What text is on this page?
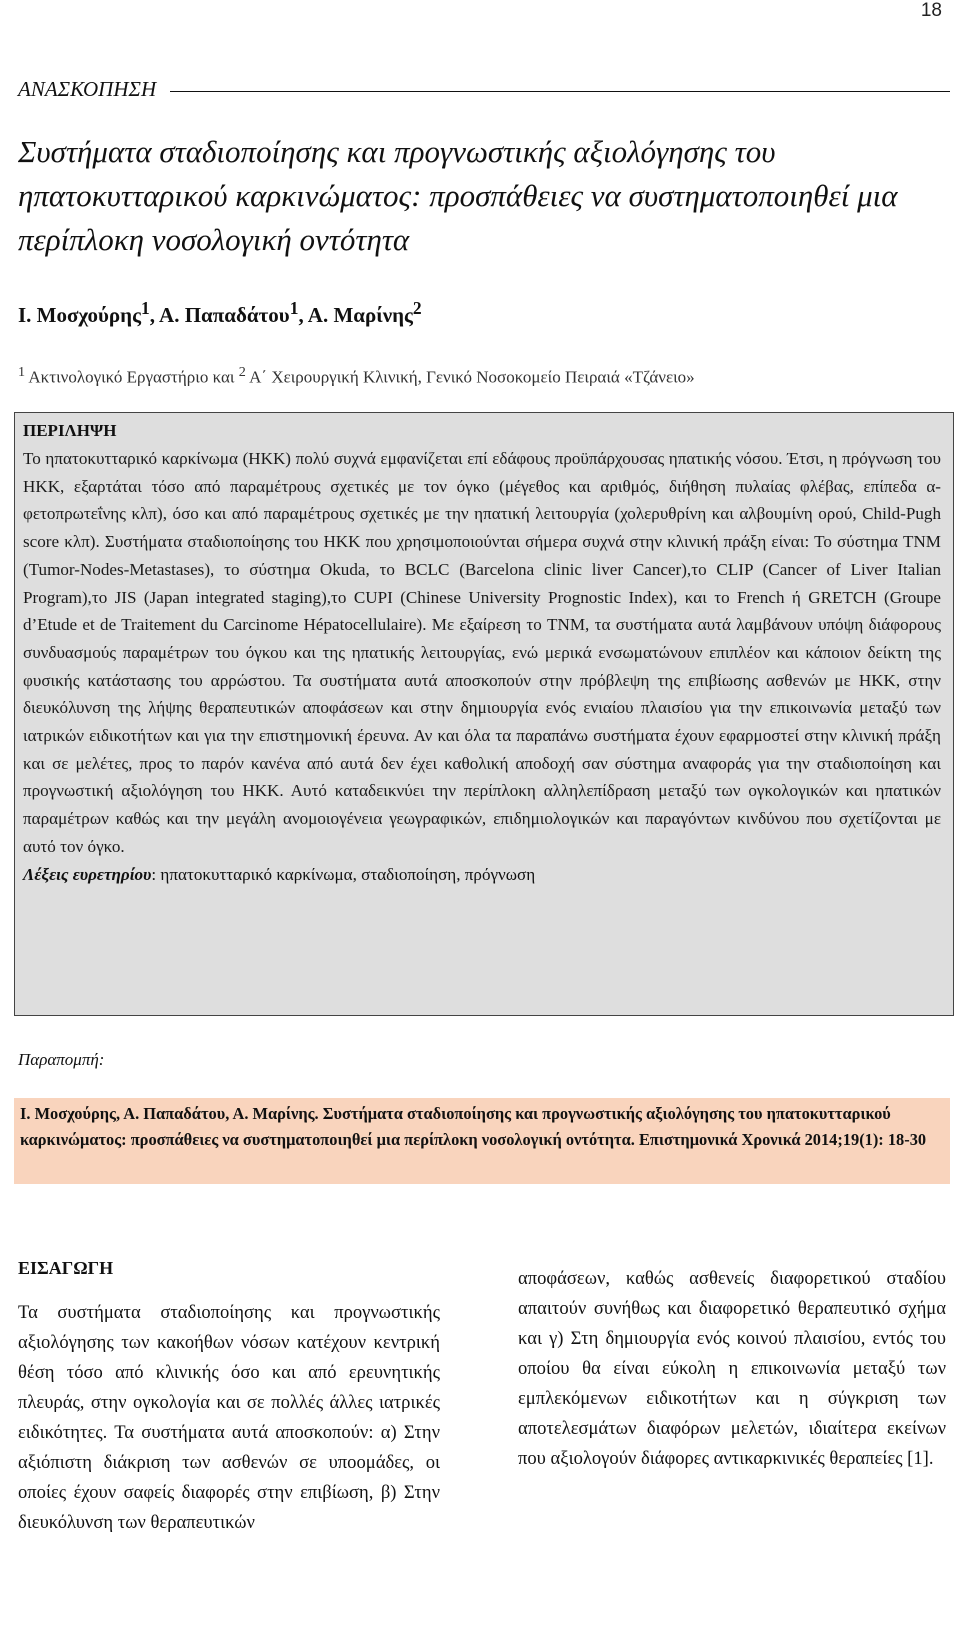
18
ΑΝΑΣΚΟΠΗΣΗ
Συστήματα σταδιοποίησης και προγνωστικής αξιολόγησης του ηπατοκυτταρικού καρκινώματος: προσπάθειες να συστηματοποιηθεί μια περίπλοκη νοσολογική οντότητα
Ι. Μοσχούρης$^1$, Α. Παπαδάτου$^1$, Α. Μαρίνης$^2$
$^1$ Ακτινολογικό Εργαστήριο και $^2$ Α΄ Χειρουργική Κλινική, Γενικό Νοσοκομείο Πειραιά «Τζάνειο»

ΠΕΡΙΛΗΨΗ

Το ηπατοκυτταρικό καρκίνωμα (ΗΚΚ) πολύ συχνά εμφανίζεται επί εδάφους προϋπάρχουσας ηπατικής νόσου. Έτσι, η πρόγνωση του ΗΚΚ, εξαρτάται τόσο από παραμέτρους σχετικές με τον όγκο (μέγεθος και αριθμός, διήθηση πυλαίας φλέβας, επίπεδα α-φετοπρωτεΐνης κλπ), όσο και από παραμέτρους σχετικές με την ηπατική λειτουργία (χολερυθρίνη και αλβουμίνη ορού, Child-Pugh score κλπ). Συστήματα σταδιοποίησης του ΗΚΚ που χρησιμοποιούνται σήμερα συχνά στην κλινική πράξη είναι: Το σύστημα TNM (Tumor-Nodes-Metastases), το σύστημα Okuda, το BCLC (Barcelona clinic liver Cancer),το CLIP (Cancer of Liver Italian Program),το JIS (Japan integrated staging),το CUPI (Chinese University Prognostic Index), και το French ή GRETCH (Groupe d’Etude et de Traitement du Carcinome Hépatocellulaire). Με εξαίρεση το TNM, τα συστήματα αυτά λαμβάνουν υπόψη διάφορους συνδυασμούς παραμέτρων του όγκου και της ηπατικής λειτουργίας, ενώ μερικά ενσωματώνουν επιπλέον και κάποιον δείκτη της φυσικής κατάστασης του αρρώστου. Τα συστήματα αυτά αποσκοπούν στην πρόβλεψη της επιβίωσης ασθενών με ΗΚΚ, στην διευκόλυνση της λήψης θεραπευτικών αποφάσεων και στην δημιουργία ενός ενιαίου πλαισίου για την επικοινωνία μεταξύ των ιατρικών ειδικοτήτων και για την επιστημονική έρευνα. Αν και όλα τα παραπάνω συστήματα έχουν εφαρμοστεί στην κλινική πράξη και σε μελέτες, προς το παρόν κανένα από αυτά δεν έχει καθολική αποδοχή σαν σύστημα αναφοράς για την σταδιοποίηση και προγνωστική αξιολόγηση του ΗΚΚ. Αυτό καταδεικνύει την περίπλοκη αλληλεπίδραση μεταξύ των ογκολογικών και ηπατικών παραμέτρων καθώς και την μεγάλη ανομοιογένεια γεωγραφικών, επιδημιολογικών και παραγόντων κινδύνου που σχετίζονται με αυτό τον όγκο.

Λέξεις ευρετηρίου: ηπατοκυτταρικό καρκίνωμα, σταδιοποίηση, πρόγνωση

Παραπομπή:
Ι. Μοσχούρης, Α. Παπαδάτου, Α. Μαρίνης. Συστήματα σταδιοποίησης και προγνωστικής αξιολόγησης του ηπατοκυτταρικού καρκινώματος: προσπάθειες να συστηματοποιηθεί μια περίπλοκη νοσολογική οντότητα. Επιστημονικά Χρονικά 2014;19(1): 18-30
ΕΙΣΑΓΩΓΗ

Τα συστήματα σταδιοποίησης και προγνωστικής αξιολόγησης των κακοήθων νόσων κατέχουν κεντρική θέση τόσο από κλινικής όσο και από ερευνητικής πλευράς, στην ογκολογία και σε πολλές άλλες ιατρικές ειδικότητες. Τα συστήματα αυτά αποσκοπούν: α) Στην αξιόπιστη διάκριση των ασθενών σε υποομάδες, οι οποίες έχουν σαφείς διαφορές στην επιβίωση, β) Στην διευκόλυνση των θεραπευτικών

αποφάσεων, καθώς ασθενείς διαφορετικού σταδίου απαιτούν συνήθως και διαφορετικό θεραπευτικό σχήμα και γ) Στη δημιουργία ενός κοινού πλαισίου, εντός του οποίου θα είναι εύκολη η επικοινωνία μεταξύ των εμπλεκόμενων ειδικοτήτων και η σύγκριση των αποτελεσμάτων διαφόρων μελετών, ιδιαίτερα εκείνων που αξιολογούν διάφορες αντικαρκινικές θεραπείες [1].
